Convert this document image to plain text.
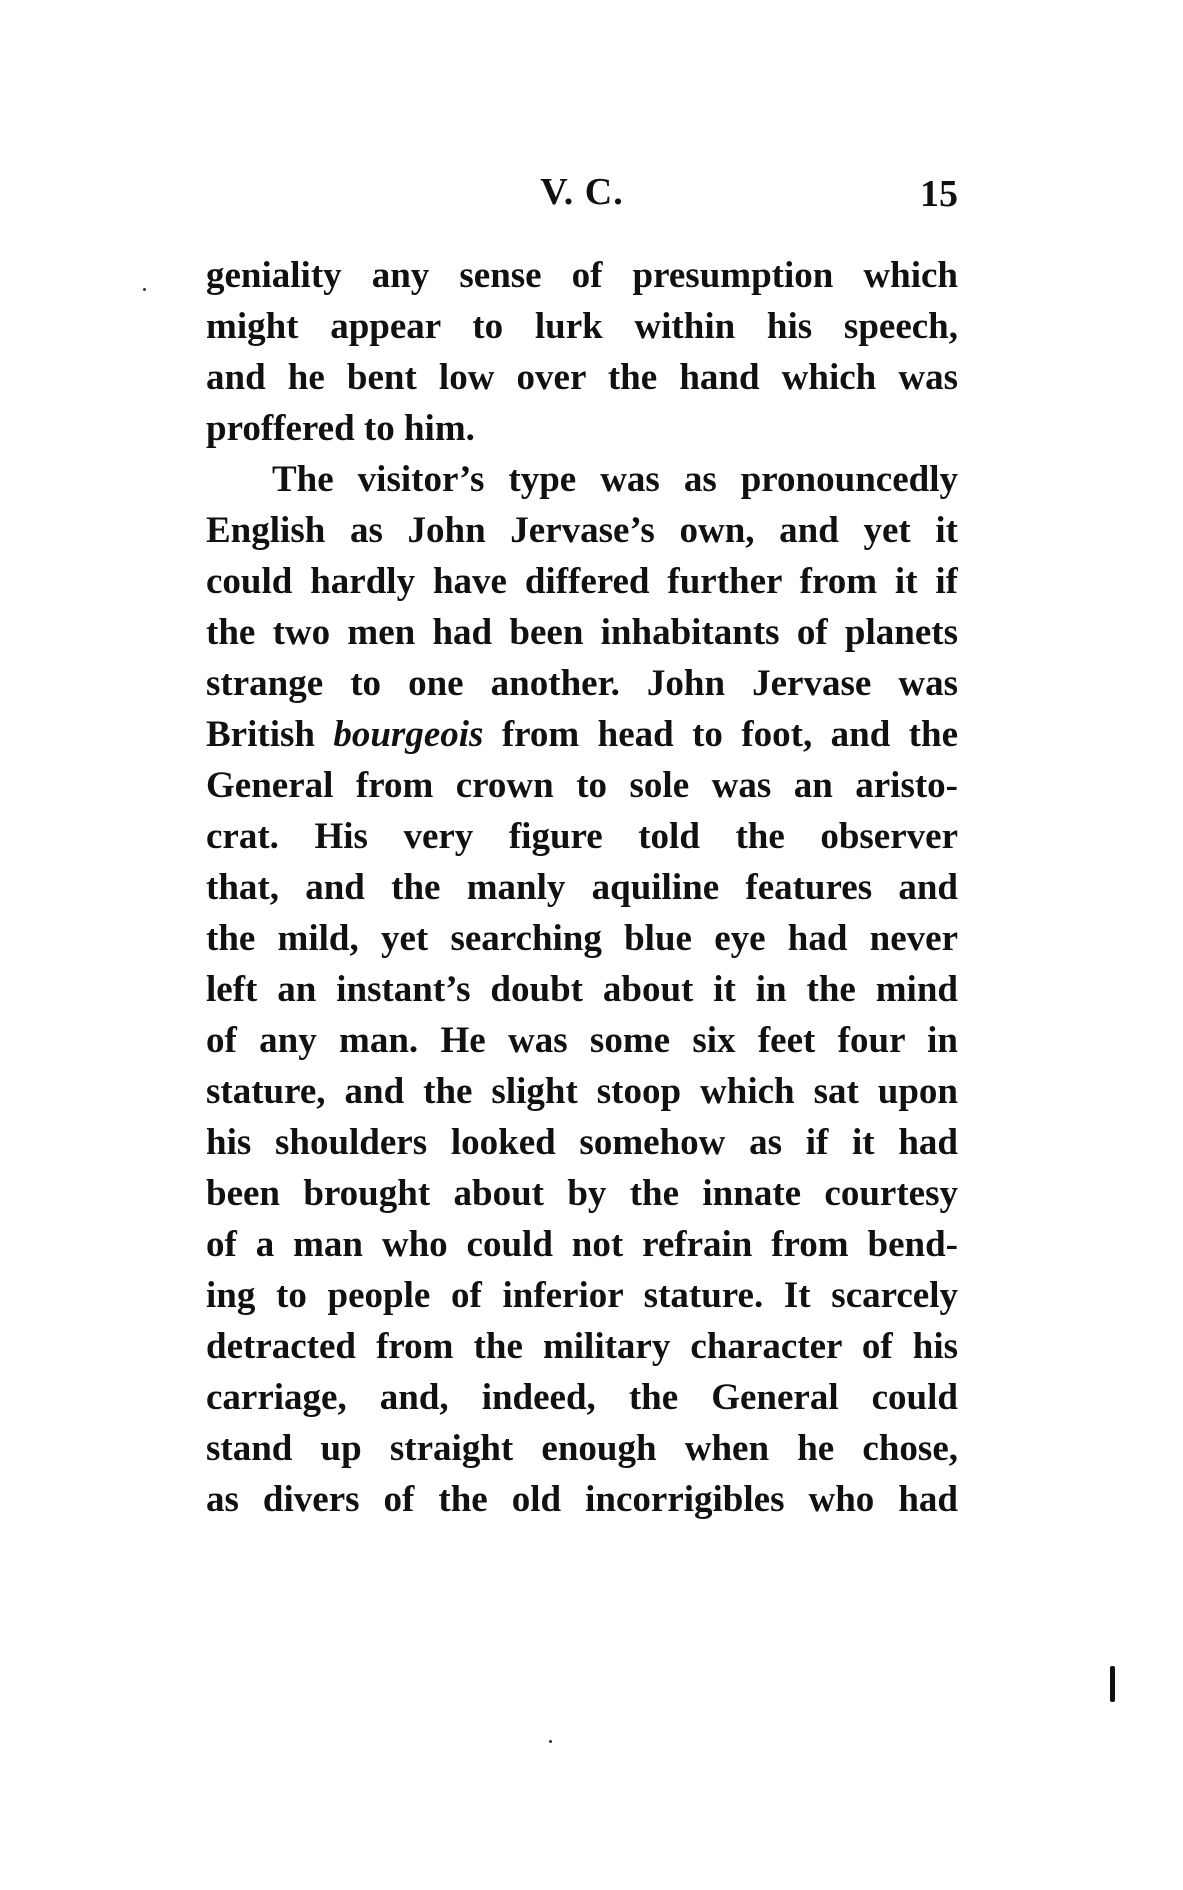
V. C.	15
geniality any sense of presumption which
might appear to lurk within his speech,
and he bent low over the hand which was
proffered to him.
The visitor’s type was as pronouncedly
English as John Jervase’s own, and yet it
could hardly have differed further from it if
the two men had been inhabitants of planets
strange to one another. John Jervase was
British bourgeois from head to foot, and the
General from crown to sole was an aristo-
crat. His very figure told the observer
that, and the manly aquiline features and
the mild, yet searching blue eye had never
left an instant’s doubt about it in the mind
of any man. He was some six feet four in
stature, and the slight stoop which sat upon
his shoulders looked somehow as if it had
been brought about by the innate courtesy
of a man who could not refrain from bend-
ing to people of inferior stature. It scarcely
detracted from the military character of his
carriage, and, indeed, the General could
stand up straight enough when he chose,
as divers of the old incorrigibles who had
